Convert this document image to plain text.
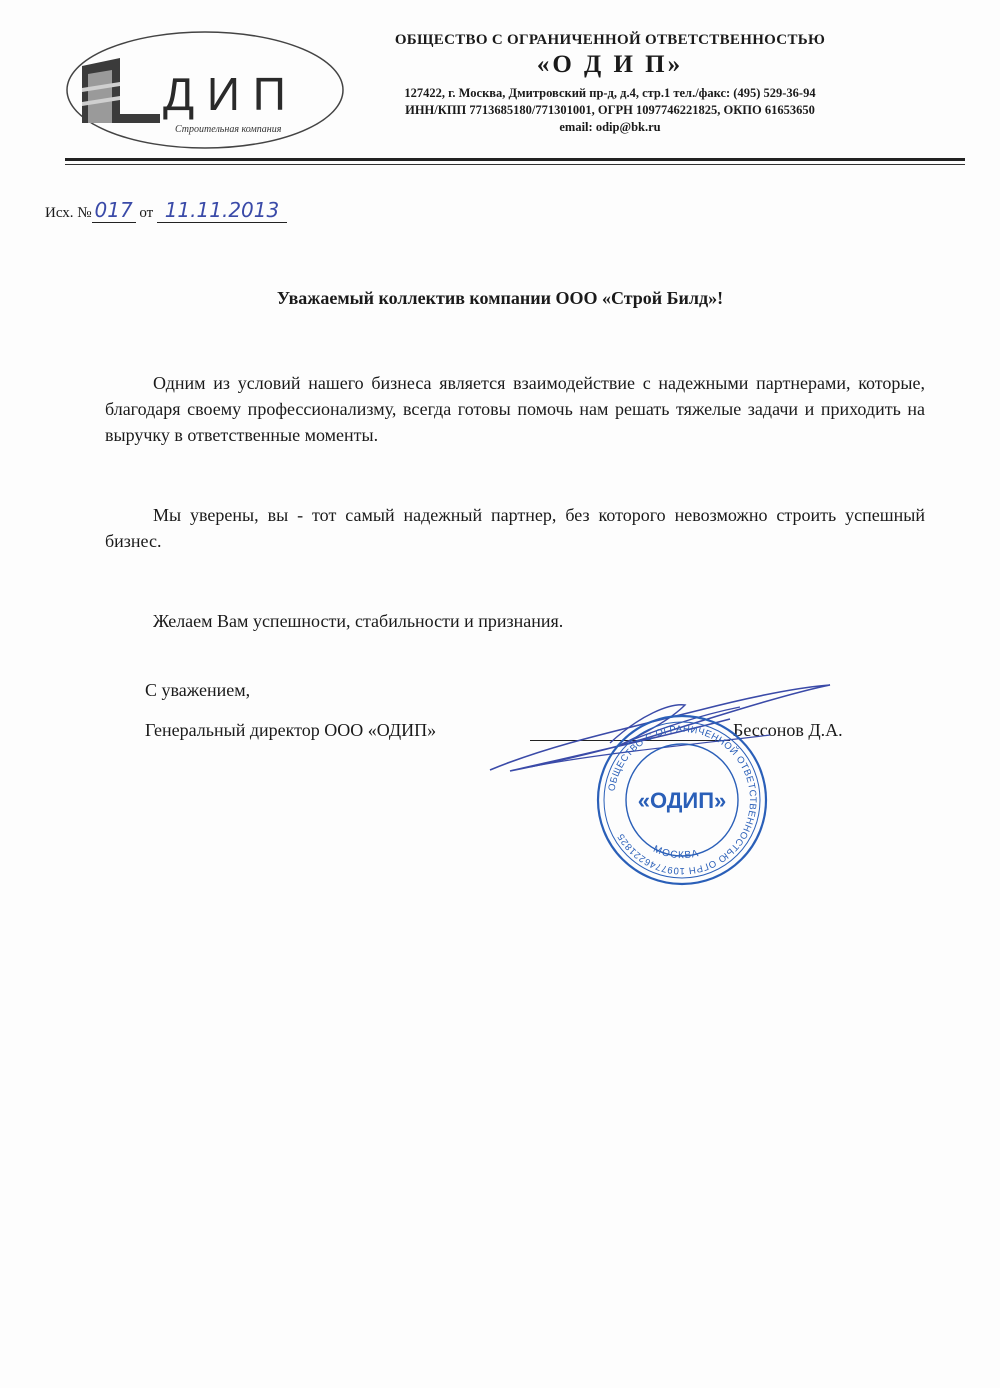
Д И П
Строительная компания
ОБЩЕСТВО С ОГРАНИЧЕННОЙ ОТВЕТСТВЕННОСТЬЮ
«О Д И П»
127422, г. Москва, Дмитровский пр-д, д.4, стр.1 тел./факс: (495) 529-36-94
ИНН/КПП 7713685180/771301001, ОГРН 1097746221825, ОКПО 61653650
email: odip@bk.ru
Исх. № 017 от 11.11.2013
Уважаемый коллектив компании ООО «Строй Билд»!
Одним из условий нашего бизнеса является взаимодействие с надежными партнерами, которые, благодаря своему профессионализму, всегда готовы помочь нам решать тяжелые задачи и приходить на выручку в ответственные моменты.
Мы уверены, вы - тот самый надежный партнер, без которого невозможно строить успешный бизнес.
Желаем Вам успешности, стабильности и признания.
С уважением,
Генеральный директор ООО «ОДИП»	Бессонов Д.А.
ОБЩЕСТВО С ОГРАНИЧЕННОЙ ОТВЕТСТВЕННОСТЬЮ ОГРН 1097746221825
МОСКВА
«ОДИП»
